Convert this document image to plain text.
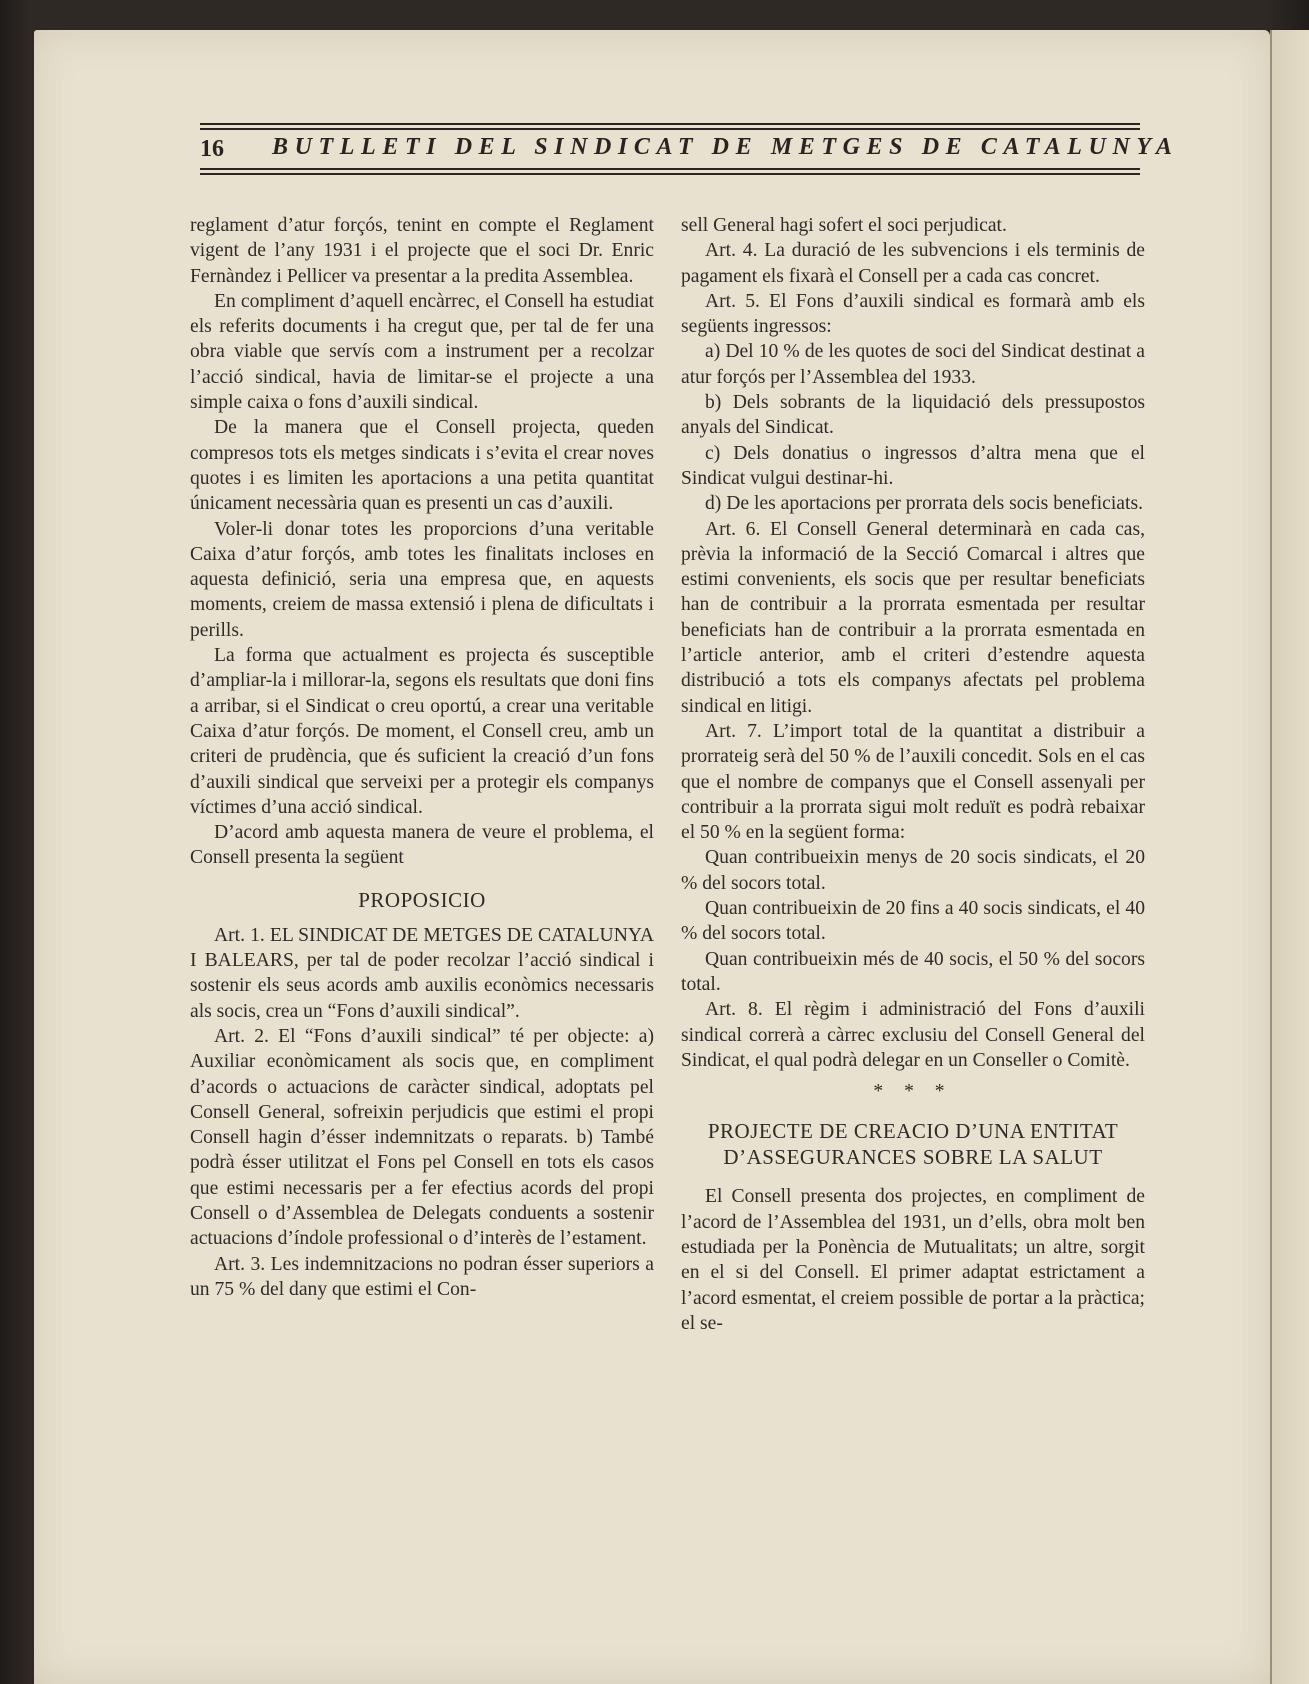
16 BUTLLETI DEL SINDICAT DE METGES DE CATALUNYA

reglament d’atur forçós, tenint en compte el Reglament vigent de l’any 1931 i el projecte que el soci Dr. Enric Fernàndez i Pellicer va presentar a la predita Assemblea.

En compliment d’aquell encàrrec, el Consell ha estudiat els referits documents i ha cregut que, per tal de fer una obra viable que servís com a instrument per a recolzar l’acció sindical, havia de limitar-se el projecte a una simple caixa o fons d’auxili sindical.

De la manera que el Consell projecta, queden compresos tots els metges sindicats i s’evita el crear noves quotes i es limiten les aportacions a una petita quantitat únicament necessària quan es presenti un cas d’auxili.

Voler-li donar totes les proporcions d’una veritable Caixa d’atur forçós, amb totes les finalitats incloses en aquesta definició, seria una empresa que, en aquests moments, creiem de massa extensió i plena de dificultats i perills.

La forma que actualment es projecta és susceptible d’ampliar-la i millorar-la, segons els resultats que doni fins a arribar, si el Sindicat o creu oportú, a crear una veritable Caixa d’atur forçós. De moment, el Consell creu, amb un criteri de prudència, que és suficient la creació d’un fons d’auxili sindical que serveixi per a protegir els companys víctimes d’una acció sindical.

D’acord amb aquesta manera de veure el problema, el Consell presenta la següent

PROPOSICIO

Art. 1. EL SINDICAT DE METGES DE CATALUNYA I BALEARS, per tal de poder recolzar l’acció sindical i sostenir els seus acords amb auxilis econòmics necessaris als socis, crea un “Fons d’auxili sindical”.

Art. 2. El “Fons d’auxili sindical” té per objecte: a) Auxiliar econòmicament als socis que, en compliment d’acords o actuacions de caràcter sindical, adoptats pel Consell General, sofreixin perjudicis que estimi el propi Consell hagin d’ésser indemnitzats o reparats. b) També podrà ésser utilitzat el Fons pel Consell en tots els casos que estimi necessaris per a fer efectius acords del propi Consell o d’Assemblea de Delegats conduents a sostenir actuacions d’índole professional o d’interès de l’estament.

Art. 3. Les indemnitzacions no podran ésser superiors a un 75 % del dany que estimi el Con-

sell General hagi sofert el soci perjudicat.

Art. 4. La duració de les subvencions i els terminis de pagament els fixarà el Consell per a cada cas concret.

Art. 5. El Fons d’auxili sindical es formarà amb els següents ingressos:

a) Del 10 % de les quotes de soci del Sindicat destinat a atur forçós per l’Assemblea del 1933.

b) Dels sobrants de la liquidació dels pressupostos anyals del Sindicat.

c) Dels donatius o ingressos d’altra mena que el Sindicat vulgui destinar-hi.

d) De les aportacions per prorrata dels socis beneficiats.

Art. 6. El Consell General determinarà en cada cas, prèvia la informació de la Secció Comarcal i altres que estimi convenients, els socis que per resultar beneficiats han de contribuir a la prorrata esmentada per resultar beneficiats han de contribuir a la prorrata esmentada en l’article anterior, amb el criteri d’estendre aquesta distribució a tots els companys afectats pel problema sindical en litigi.

Art. 7. L’import total de la quantitat a distribuir a prorrateig serà del 50 % de l’auxili concedit. Sols en el cas que el nombre de companys que el Consell assenyali per contribuir a la prorrata sigui molt reduït es podrà rebaixar el 50 % en la següent forma:

Quan contribueixin menys de 20 socis sindicats, el 20 % del socors total.

Quan contribueixin de 20 fins a 40 socis sindicats, el 40 % del socors total.

Quan contribueixin més de 40 socis, el 50 % del socors total.

Art. 8. El règim i administració del Fons d’auxili sindical correrà a càrrec exclusiu del Consell General del Sindicat, el qual podrà delegar en un Conseller o Comitè.

* * *
PROJECTE DE CREACIO D’UNA ENTITAT D’ASSEGURANCES SOBRE LA SALUT

El Consell presenta dos projectes, en compliment de l’acord de l’Assemblea del 1931, un d’ells, obra molt ben estudiada per la Ponència de Mutualitats; un altre, sorgit en el si del Consell. El primer adaptat estrictament a l’acord esmentat, el creiem possible de portar a la pràctica; el se-
